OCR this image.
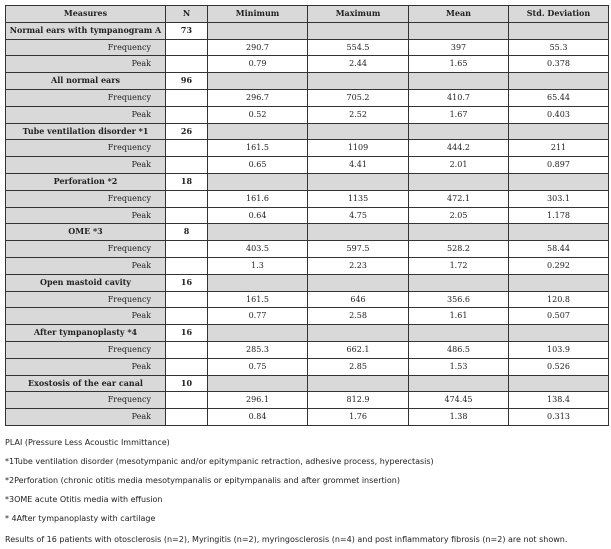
Measures	N	Minimum	Maximum	Mean	Std. Deviation
Normal ears with tympanogram A	73				
Frequency		290.7	554.5	397	55.3
Peak		0.79	2.44	1.65	0.378
All normal ears	96				
Frequency		296.7	705.2	410.7	65.44
Peak		0.52	2.52	1.67	0.403
Tube ventilation disorder *1	26				
Frequency		161.5	1109	444.2	211
Peak		0.65	4.41	2.01	0.897
Perforation *2	18				
Frequency		161.6	1135	472.1	303.1
Peak		0.64	4.75	2.05	1.178
OME *3	8				
Frequency		403.5	597.5	528.2	58.44
Peak		1.3	2.23	1.72	0.292
Open mastoid cavity	16				
Frequency		161.5	646	356.6	120.8
Peak		0.77	2.58	1.61	0.507
After tympanoplasty *4	16				
Frequency		285.3	662.1	486.5	103.9
Peak		0.75	2.85	1.53	0.526
Exostosis of the ear canal	10				
Frequency		296.1	812.9	474.45	138.4
Peak		0.84	1.76	1.38	0.313

PLAI (Pressure Less Acoustic Immittance)

*1Tube ventilation disorder (mesotympanic and/or epitympanic retraction, adhesive process, hyperectasis)

*2Perforation (chronic otitis media mesotympanalis or epitympanalis and after grommet insertion)

*3OME acute Otitis media with effusion

* 4After tympanoplasty with cartilage

Results of 16 patients with otosclerosis (n=2), Myringitis (n=2), myringosclerosis (n=4) and post inflammatory fibrosis (n=2) are not shown.
